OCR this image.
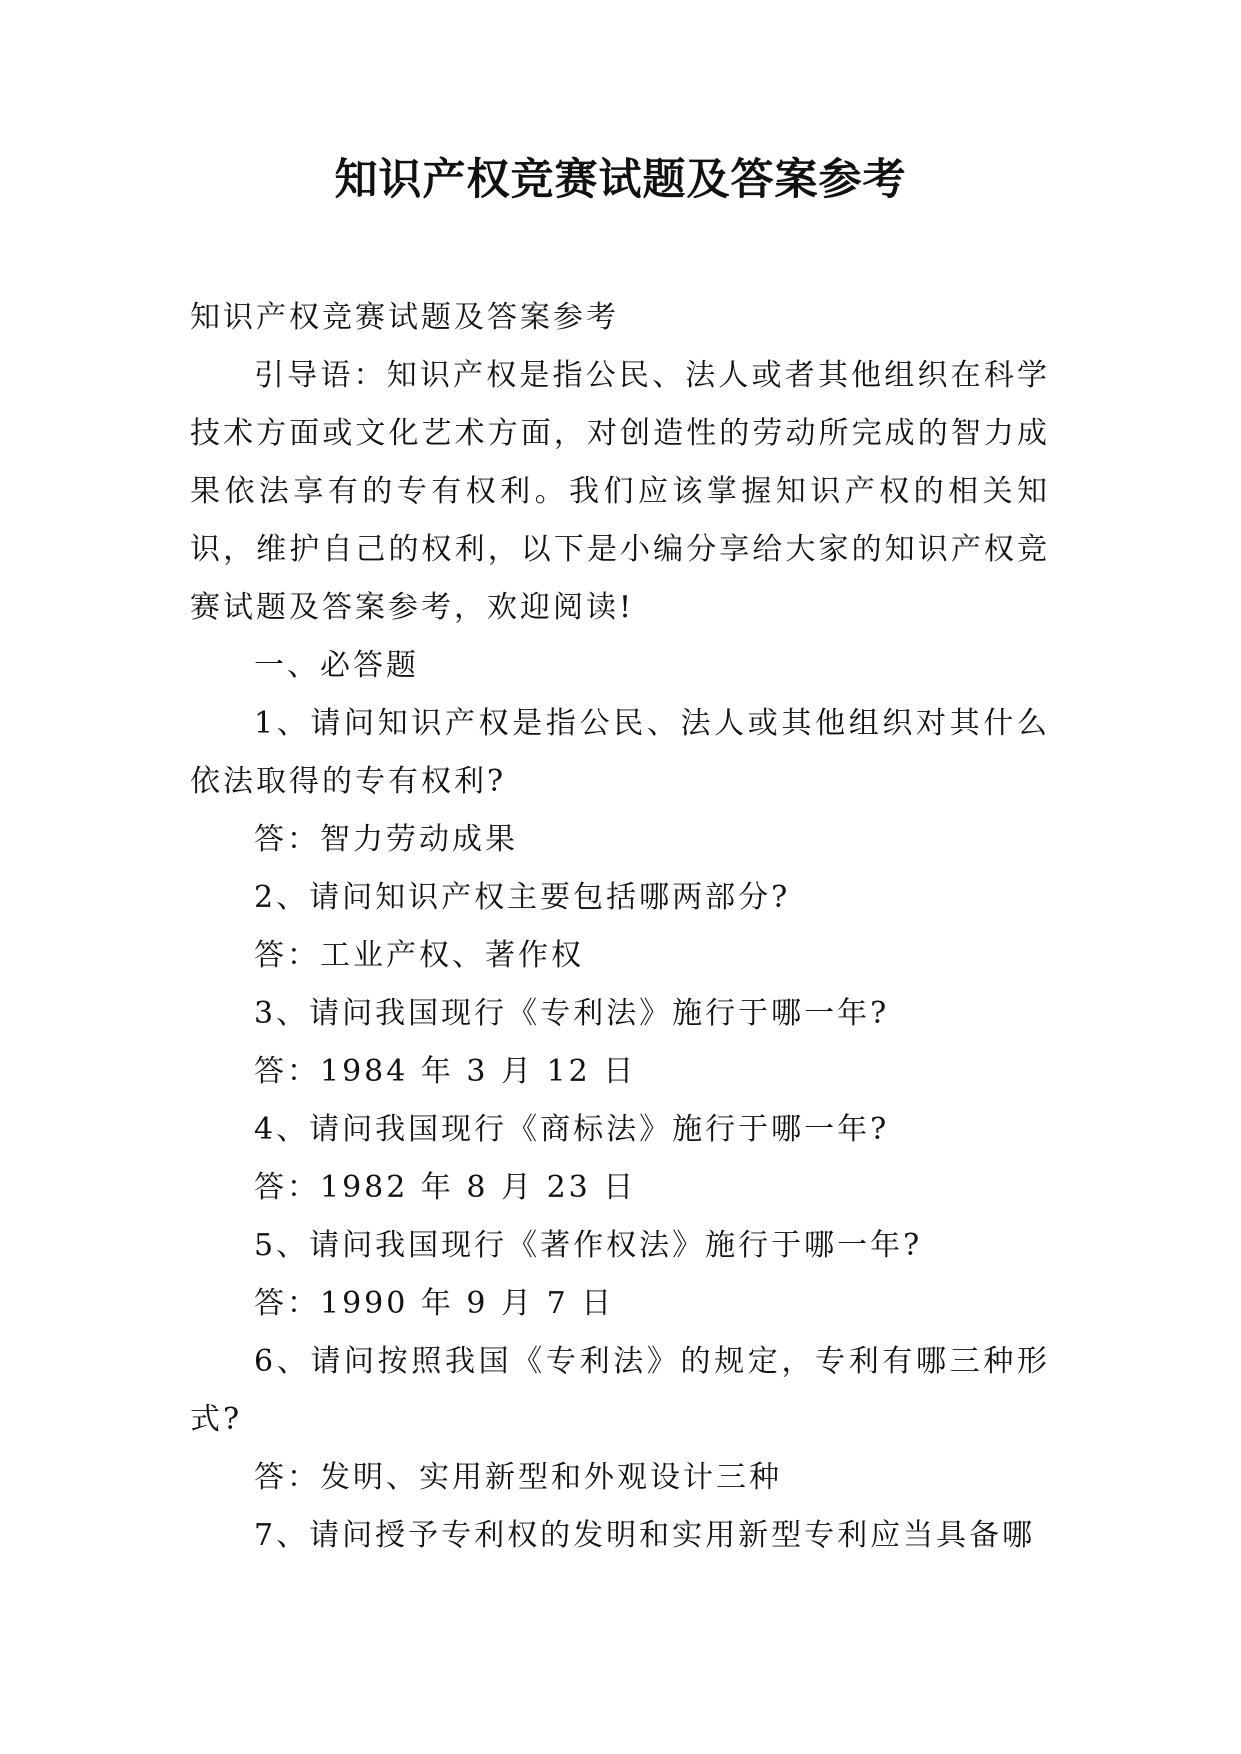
知识产权竞赛试题及答案参考

知识产权竞赛试题及答案参考

引导语：知识产权是指公民、法人或者其他组织在科学技术方面或文化艺术方面，对创造性的劳动所完成的智力成果依法享有的专有权利。我们应该掌握知识产权的相关知识，维护自己的权利，以下是小编分享给大家的知识产权竞赛试题及答案参考，欢迎阅读!

一、必答题

1、请问知识产权是指公民、法人或其他组织对其什么依法取得的专有权利?

答：智力劳动成果

2、请问知识产权主要包括哪两部分?

答：工业产权、著作权

3、请问我国现行《专利法》施行于哪一年?

答：1984 年 3 月 12 日

4、请问我国现行《商标法》施行于哪一年?

答：1982 年 8 月 23 日

5、请问我国现行《著作权法》施行于哪一年?

答：1990 年 9 月 7 日

6、请问按照我国《专利法》的规定，专利有哪三种形式?

答：发明、实用新型和外观设计三种

7、请问授予专利权的发明和实用新型专利应当具备哪
